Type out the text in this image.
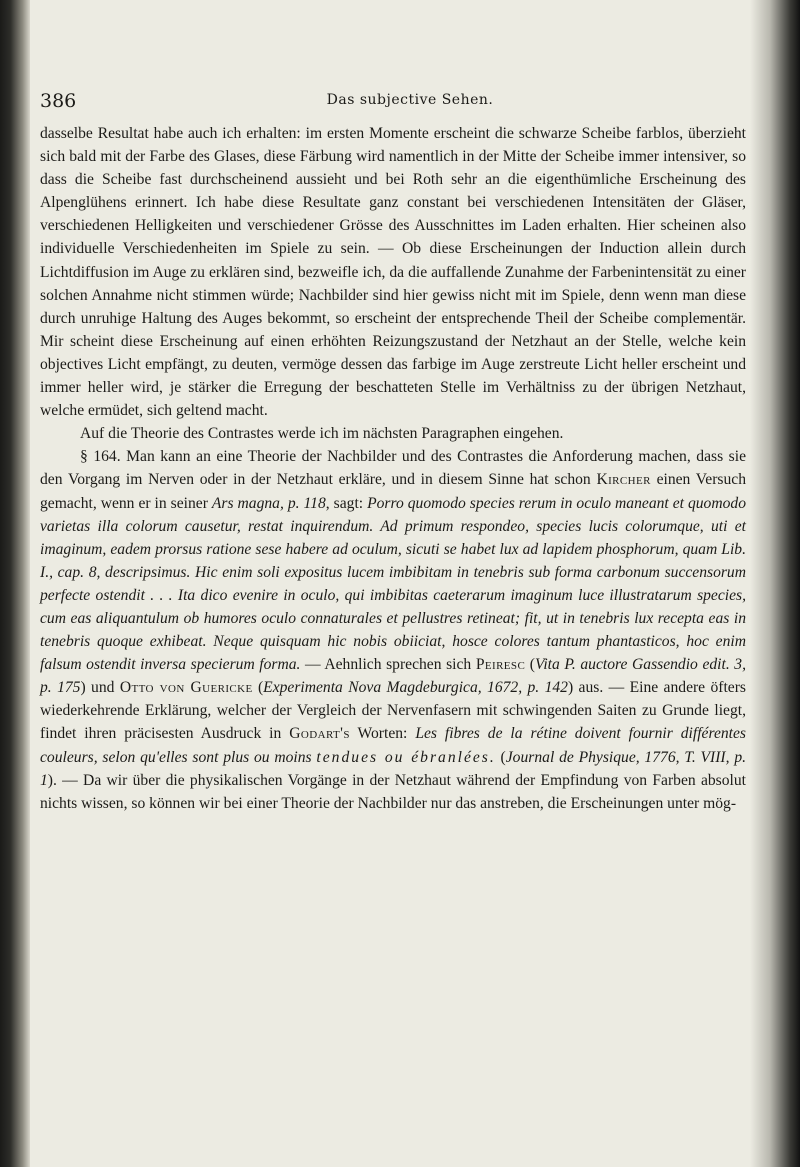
386	Das subjective Sehen.

dasselbe Resultat habe auch ich erhalten: im ersten Momente erscheint die schwarze Scheibe farblos, überzieht sich bald mit der Farbe des Glases, diese Färbung wird namentlich in der Mitte der Scheibe immer intensiver, so dass die Scheibe fast durchscheinend aussieht und bei Roth sehr an die eigenthümliche Erscheinung des Alpenglühens erinnert. Ich habe diese Resultate ganz constant bei verschiedenen Intensitäten der Gläser, verschiedenen Helligkeiten und verschiedener Grösse des Ausschnittes im Laden erhalten. Hier scheinen also individuelle Verschiedenheiten im Spiele zu sein. — Ob diese Erscheinungen der Induction allein durch Lichtdiffusion im Auge zu erklären sind, bezweifle ich, da die auffallende Zunahme der Farbenintensität zu einer solchen Annahme nicht stimmen würde; Nachbilder sind hier gewiss nicht mit im Spiele, denn wenn man diese durch unruhige Haltung des Auges bekommt, so erscheint der entsprechende Theil der Scheibe complementär. Mir scheint diese Erscheinung auf einen erhöhten Reizungszustand der Netzhaut an der Stelle, welche kein objectives Licht empfängt, zu deuten, vermöge dessen das farbige im Auge zerstreute Licht heller erscheint und immer heller wird, je stärker die Erregung der beschatteten Stelle im Verhältniss zu der übrigen Netzhaut, welche ermüdet, sich geltend macht.

Auf die Theorie des Contrastes werde ich im nächsten Paragraphen eingehen.

§ 164. Man kann an eine Theorie der Nachbilder und des Contrastes die Anforderung machen, dass sie den Vorgang im Nerven oder in der Netzhaut erkläre, und in diesem Sinne hat schon Kircher einen Versuch gemacht, wenn er in seiner Ars magna, p. 118, sagt: Porro quomodo species rerum in oculo maneant et quomodo varietas illa colorum causetur, restat inquirendum. Ad primum respondeo, species lucis colorumque, uti et imaginum, eadem prorsus ratione sese habere ad oculum, sicuti se habet lux ad lapidem phosphorum, quam Lib. I., cap. 8, descripsimus. Hic enim soli expositus lucem imbibitam in tenebris sub forma carbonum succensorum perfecte ostendit . . . Ita dico evenire in oculo, qui imbibitas caeterarum imaginum luce illustratarum species, cum eas aliquantulum ob humores oculo connaturales et pellustres retineat; fit, ut in tenebris lux recepta eas in tenebris quoque exhibeat. Neque quisquam hic nobis obiiciat, hosce colores tantum phantasticos, hoc enim falsum ostendit inversa specierum forma. — Aehnlich sprechen sich Peiresc (Vita P. auctore Gassendio edit. 3, p. 175) und Otto von Guericke (Experimenta Nova Magdeburgica, 1672, p. 142) aus. — Eine andere öfters wiederkehrende Erklärung, welcher der Vergleich der Nervenfasern mit schwingenden Saiten zu Grunde liegt, findet ihren präcisesten Ausdruck in Godart's Worten: Les fibres de la rétine doivent fournir différentes couleurs, selon qu'elles sont plus ou moins tendues ou ébranlées. (Journal de Physique, 1776, T. VIII, p. 1). — Da wir über die physikalischen Vorgänge in der Netzhaut während der Empfindung von Farben absolut nichts wissen, so können wir bei einer Theorie der Nachbilder nur das anstreben, die Erscheinungen unter mög-
